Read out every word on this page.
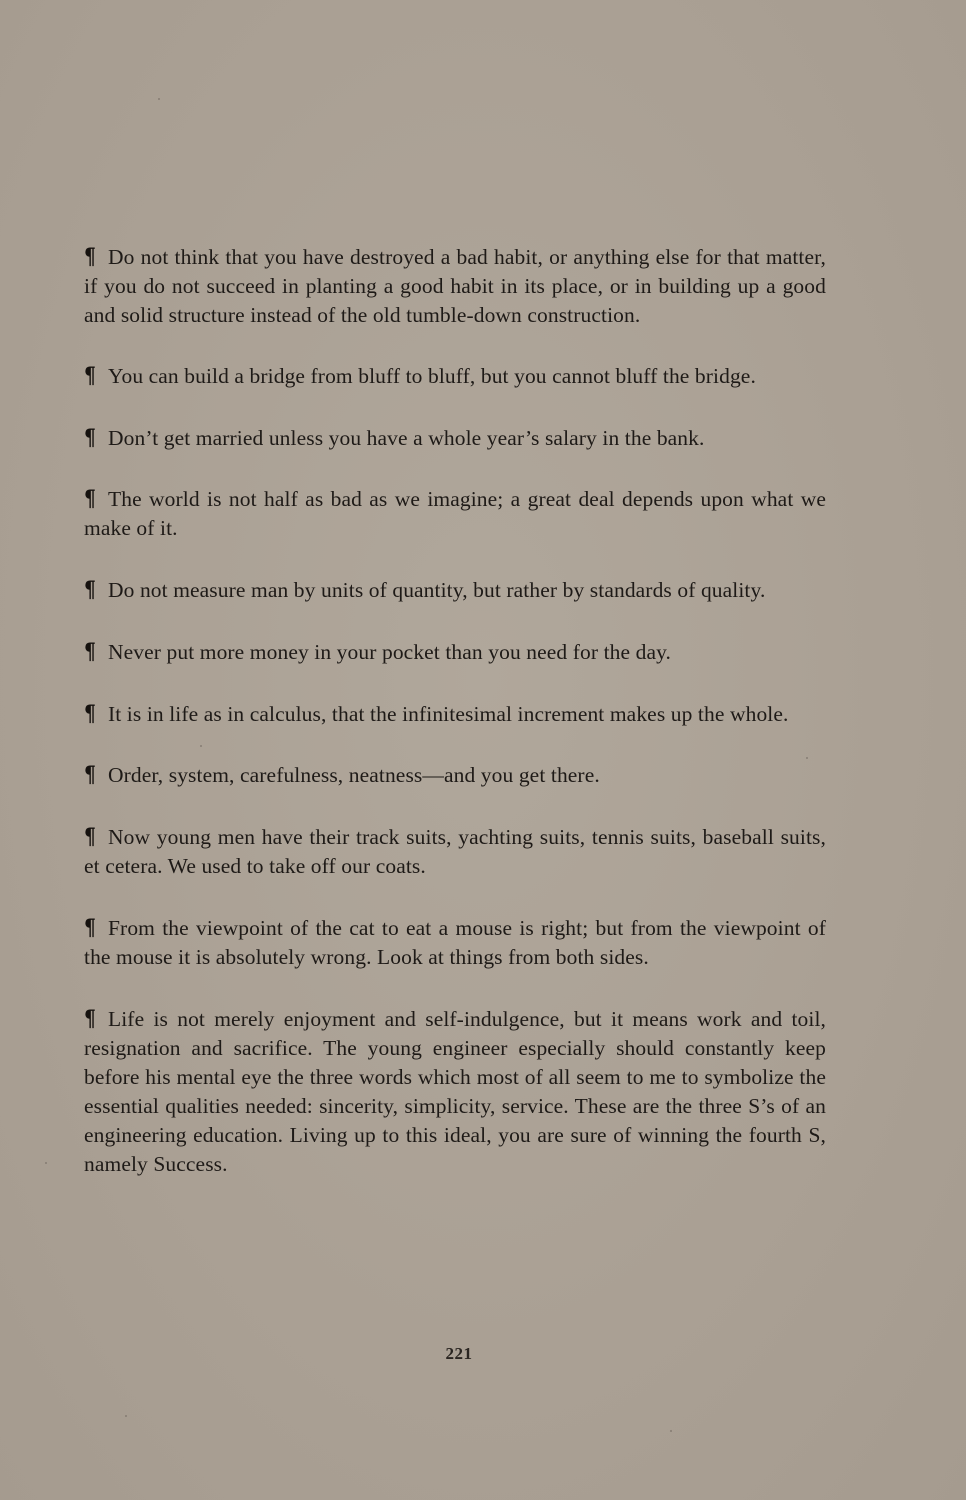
¶ Do not think that you have destroyed a bad habit, or anything else for that matter, if you do not succeed in planting a good habit in its place, or in building up a good and solid structure instead of the old tumble-down construction.

¶ You can build a bridge from bluff to bluff, but you cannot bluff the bridge.

¶ Don’t get married unless you have a whole year’s salary in the bank.

¶ The world is not half as bad as we imagine; a great deal depends upon what we make of it.

¶ Do not measure man by units of quantity, but rather by standards of quality.

¶ Never put more money in your pocket than you need for the day.

¶ It is in life as in calculus, that the infinitesimal increment makes up the whole.

¶ Order, system, carefulness, neatness—and you get there.

¶ Now young men have their track suits, yachting suits, tennis suits, baseball suits, et cetera. We used to take off our coats.

¶ From the viewpoint of the cat to eat a mouse is right; but from the viewpoint of the mouse it is absolutely wrong. Look at things from both sides.

¶ Life is not merely enjoyment and self-indulgence, but it means work and toil, resignation and sacrifice. The young engineer especially should constantly keep before his mental eye the three words which most of all seem to me to symbolize the essential qualities needed: sincerity, simplicity, service. These are the three S’s of an engineering education. Living up to this ideal, you are sure of winning the fourth S, namely Success.

221
